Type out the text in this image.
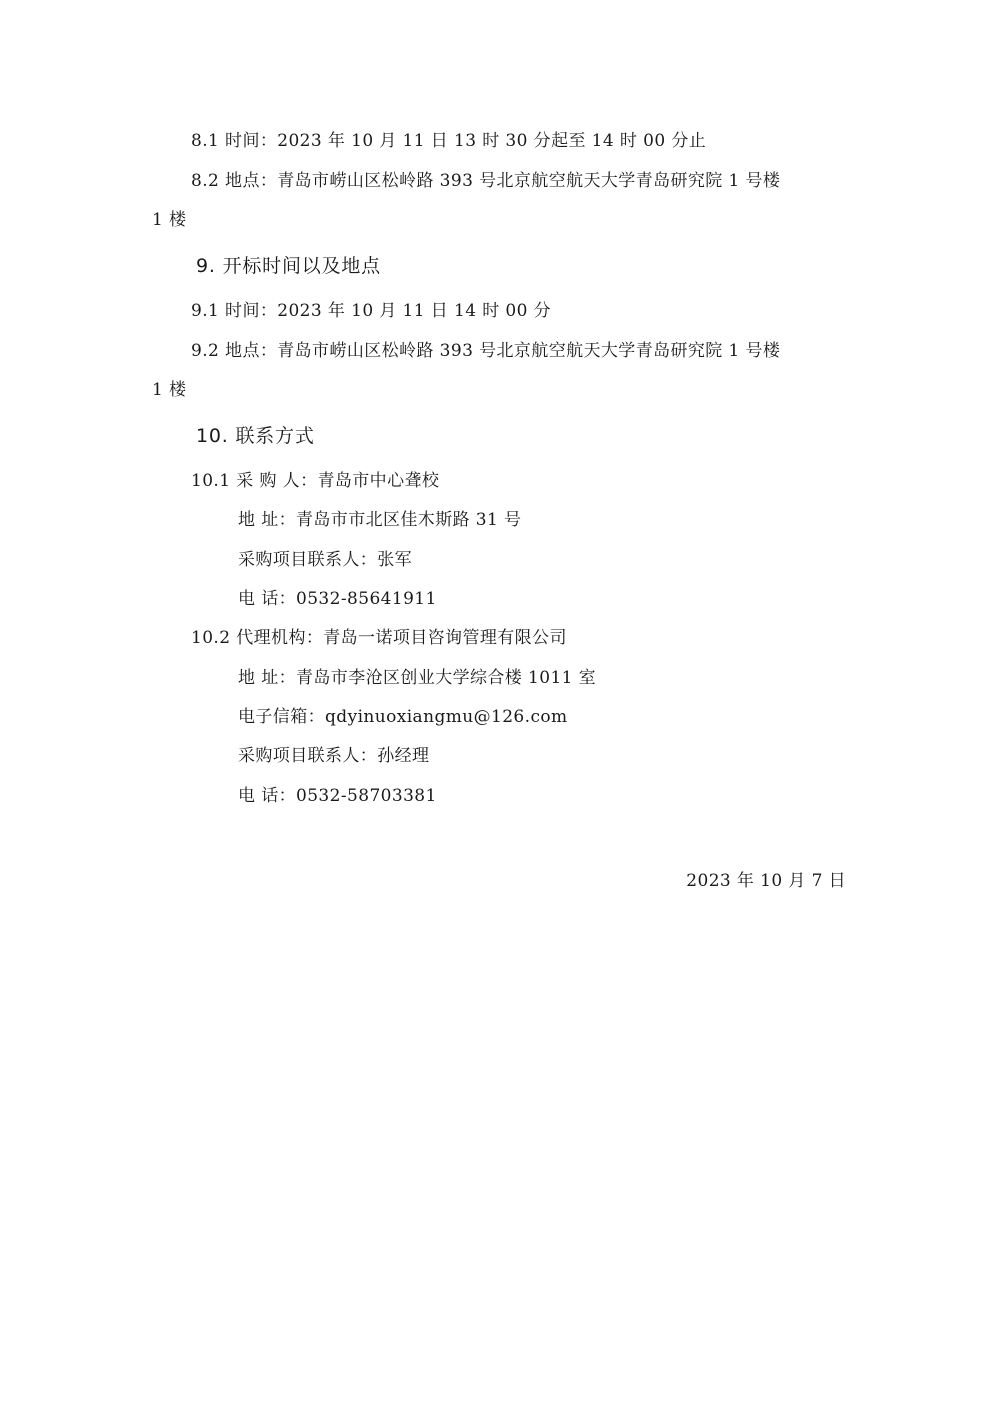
8.1 时间：2023 年 10 月 11 日 13 时 30 分起至 14 时 00 分止
8.2 地点：青岛市崂山区松岭路 393 号北京航空航天大学青岛研究院 1 号楼
1 楼
9. 开标时间以及地点
9.1 时间：2023 年 10 月 11 日 14 时 00 分
9.2 地点：青岛市崂山区松岭路 393 号北京航空航天大学青岛研究院 1 号楼
1 楼
10. 联系方式
10.1 采 购 人：青岛市中心聋校
地 址：青岛市市北区佳木斯路 31 号
采购项目联系人：张军
电 话：0532-85641911
10.2 代理机构：青岛一诺项目咨询管理有限公司
地 址：青岛市李沧区创业大学综合楼 1011 室
电子信箱：qdyinuoxiangmu@126.com
采购项目联系人：孙经理
电 话：0532-58703381
2023 年 10 月 7 日
